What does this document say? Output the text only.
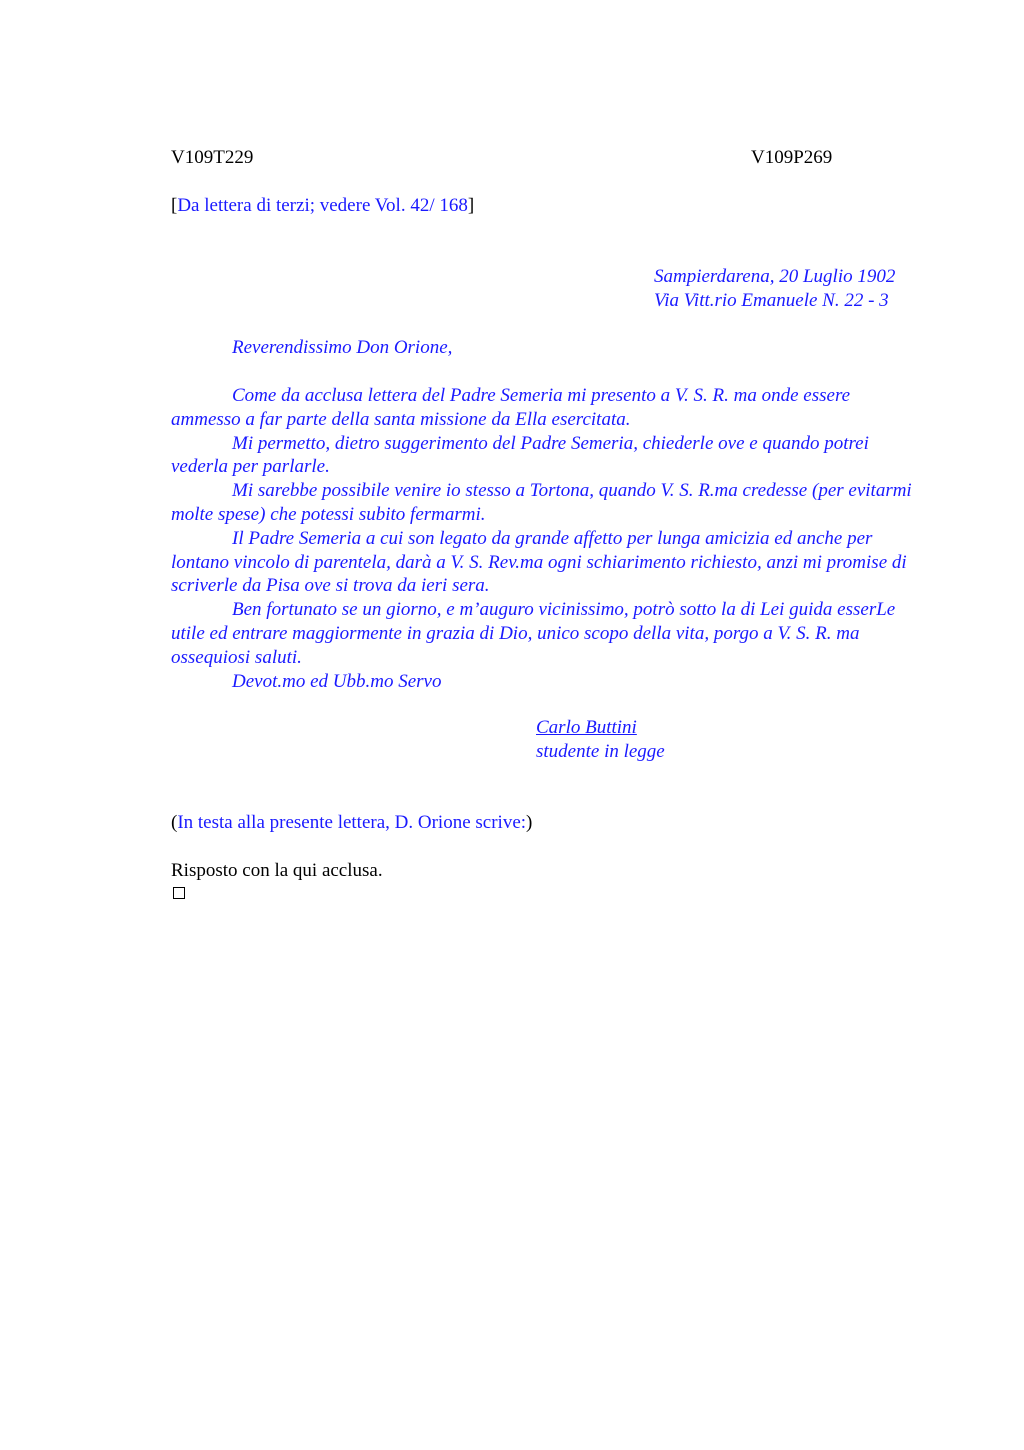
V109T229	V109P269
[Da lettera di terzi; vedere Vol. 42/ 168]
Sampierdarena, 20 Luglio 1902
Via Vitt.rio Emanuele N. 22 - 3
Reverendissimo Don Orione,

Come da acclusa lettera del Padre Semeria mi presento a V. S. R. ma onde essere ammesso a far parte della santa missione da Ella esercitata.

Mi permetto, dietro suggerimento del Padre Semeria, chiederle ove e quando potrei vederla per parlarle.

Mi sarebbe possibile venire io stesso a Tortona, quando V. S. R.ma credesse (per evitarmi molte spese) che potessi subito fermarmi.

Il Padre Semeria a cui son legato da grande affetto per lunga amicizia ed anche per lontano vincolo di parentela, darà a V. S. Rev.ma ogni schiarimento richiesto, anzi mi promise di scriverle da Pisa ove si trova da ieri sera.

Ben fortunato se un giorno, e m’auguro vicinissimo, potrò sotto la di Lei guida esserLe utile ed entrare maggiormente in grazia di Dio, unico scopo della vita, porgo a V. S. R. ma ossequiosi saluti.

Devot.mo ed Ubb.mo Servo

Carlo Buttini
studente in legge
(In testa alla presente lettera, D. Orione scrive:)
Risposto con la qui acclusa.
